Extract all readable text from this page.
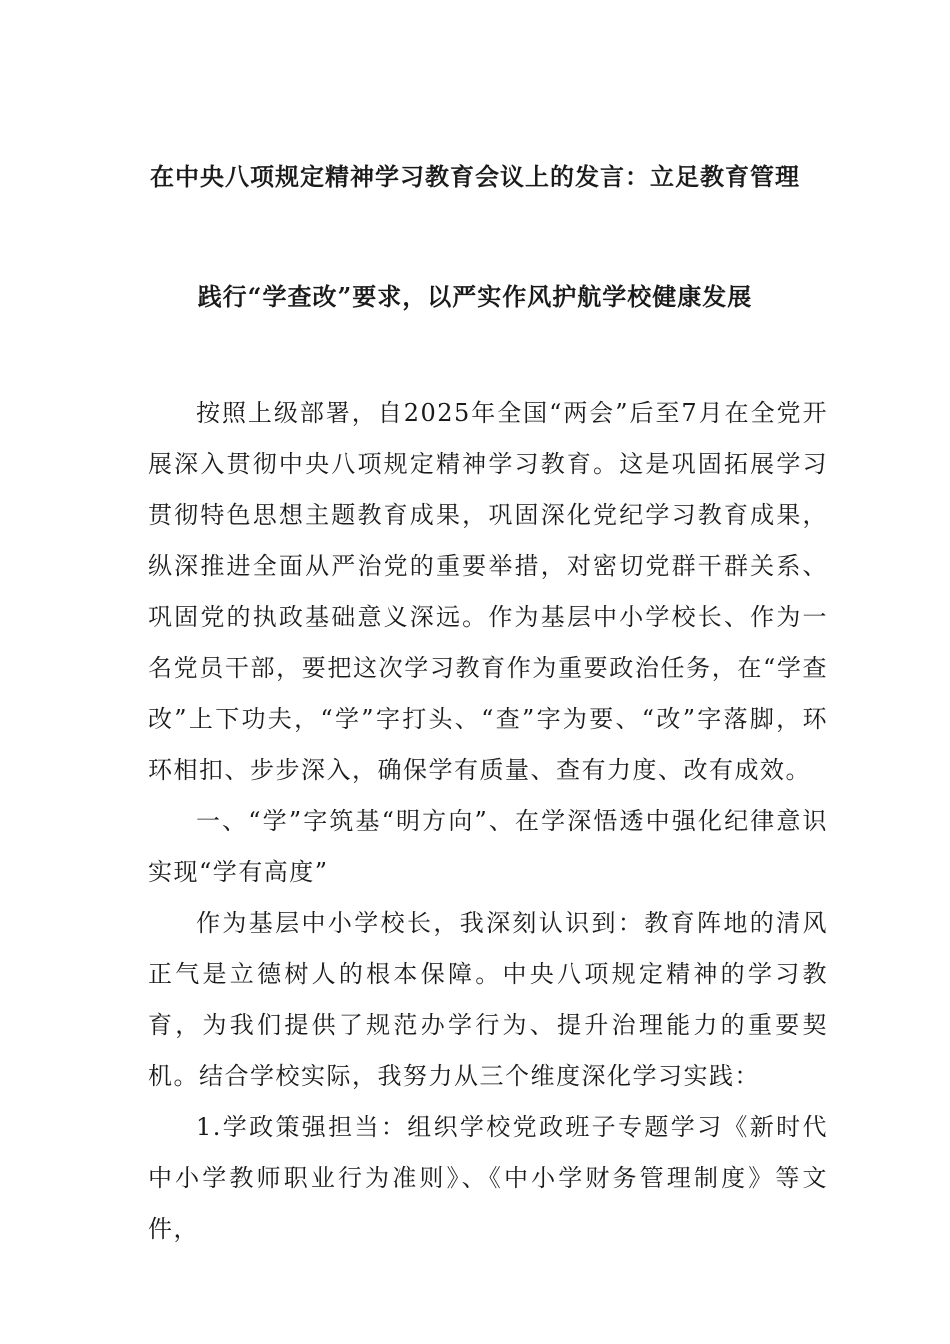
在中央八项规定精神学习教育会议上的发言：立足教育管理
践行“学查改”要求，以严实作风护航学校健康发展

按照上级部署，自2025年全国“两会”后至7月在全党开展深入贯彻中央八项规定精神学习教育。这是巩固拓展学习贯彻特色思想主题教育成果，巩固深化党纪学习教育成果，纵深推进全面从严治党的重要举措，对密切党群干群关系、巩固党的执政基础意义深远。作为基层中小学校长、作为一名党员干部，要把这次学习教育作为重要政治任务，在“学查改”上下功夫，“学”字打头、“查”字为要、“改”字落脚，环环相扣、步步深入，确保学有质量、查有力度、改有成效。

一、“学”字筑基“明方向”、在学深悟透中强化纪律意识实现“学有高度”

作为基层中小学校长，我深刻认识到：教育阵地的清风正气是立德树人的根本保障。中央八项规定精神的学习教育，为我们提供了规范办学行为、提升治理能力的重要契机。结合学校实际，我努力从三个维度深化学习实践：

1.学政策强担当：组织学校党政班子专题学习《新时代中小学教师职业行为准则》、《中小学财务管理制度》等文件，
